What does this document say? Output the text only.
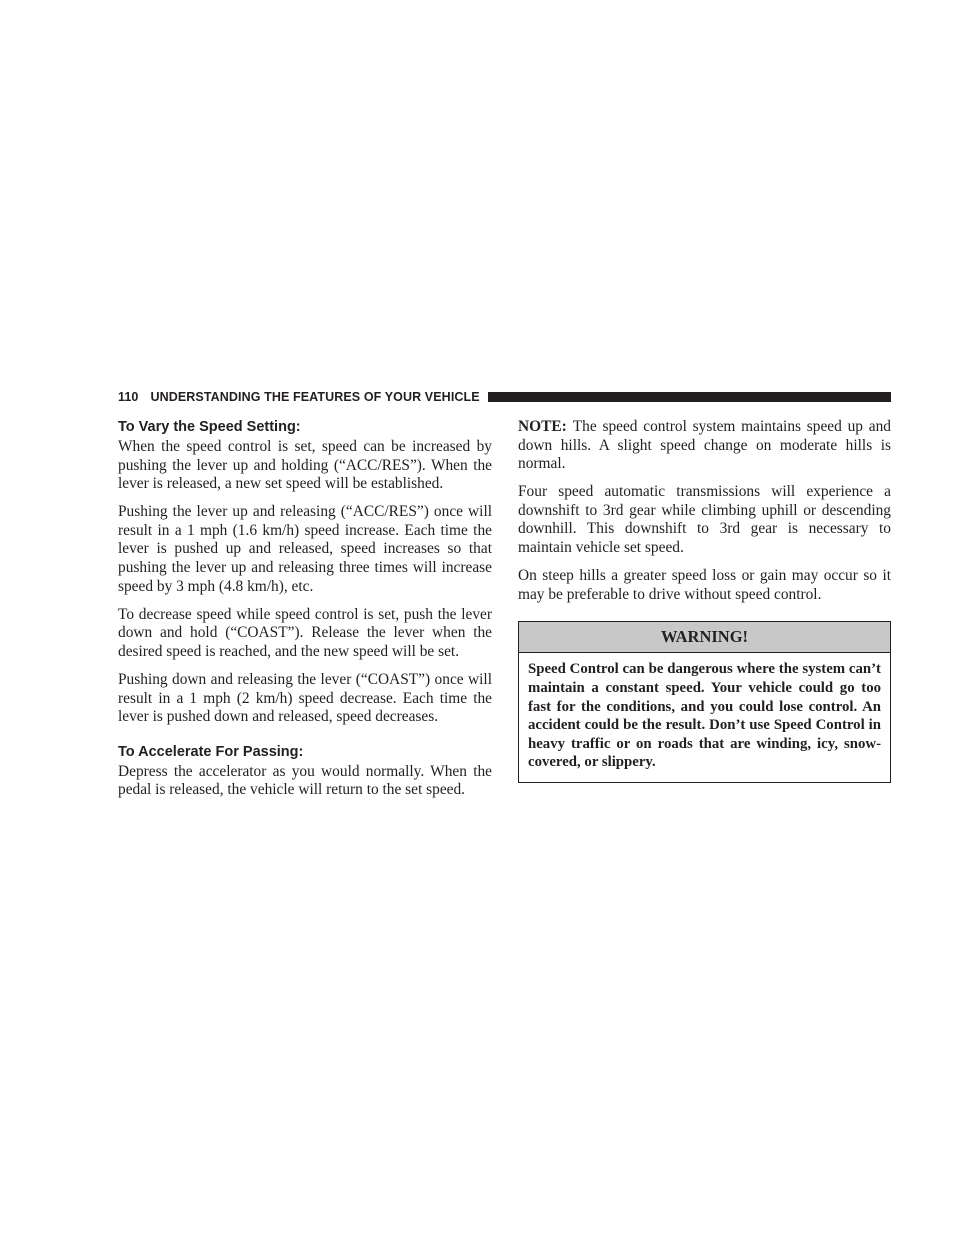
110 UNDERSTANDING THE FEATURES OF YOUR VEHICLE
To Vary the Speed Setting:

When the speed control is set, speed can be increased by pushing the lever up and holding (“ACC/RES”). When the lever is released, a new set speed will be established.

Pushing the lever up and releasing (“ACC/RES”) once will result in a 1 mph (1.6 km/h) speed increase. Each time the lever is pushed up and released, speed increases so that pushing the lever up and releasing three times will increase speed by 3 mph (4.8 km/h), etc.

To decrease speed while speed control is set, push the lever down and hold (“COAST”). Release the lever when the desired speed is reached, and the new speed will be set.

Pushing down and releasing the lever (“COAST”) once will result in a 1 mph (2 km/h) speed decrease. Each time the lever is pushed down and released, speed decreases.

To Accelerate For Passing:

Depress the accelerator as you would normally. When the pedal is released, the vehicle will return to the set speed.

NOTE: The speed control system maintains speed up and down hills. A slight speed change on moderate hills is normal.

Four speed automatic transmissions will experience a downshift to 3rd gear while climbing uphill or descending downhill. This downshift to 3rd gear is necessary to maintain vehicle set speed.

On steep hills a greater speed loss or gain may occur so it may be preferable to drive without speed control.

WARNING!
Speed Control can be dangerous where the system can’t maintain a constant speed. Your vehicle could go too fast for the conditions, and you could lose control. An accident could be the result. Don’t use Speed Control in heavy traffic or on roads that are winding, icy, snow-covered, or slippery.
